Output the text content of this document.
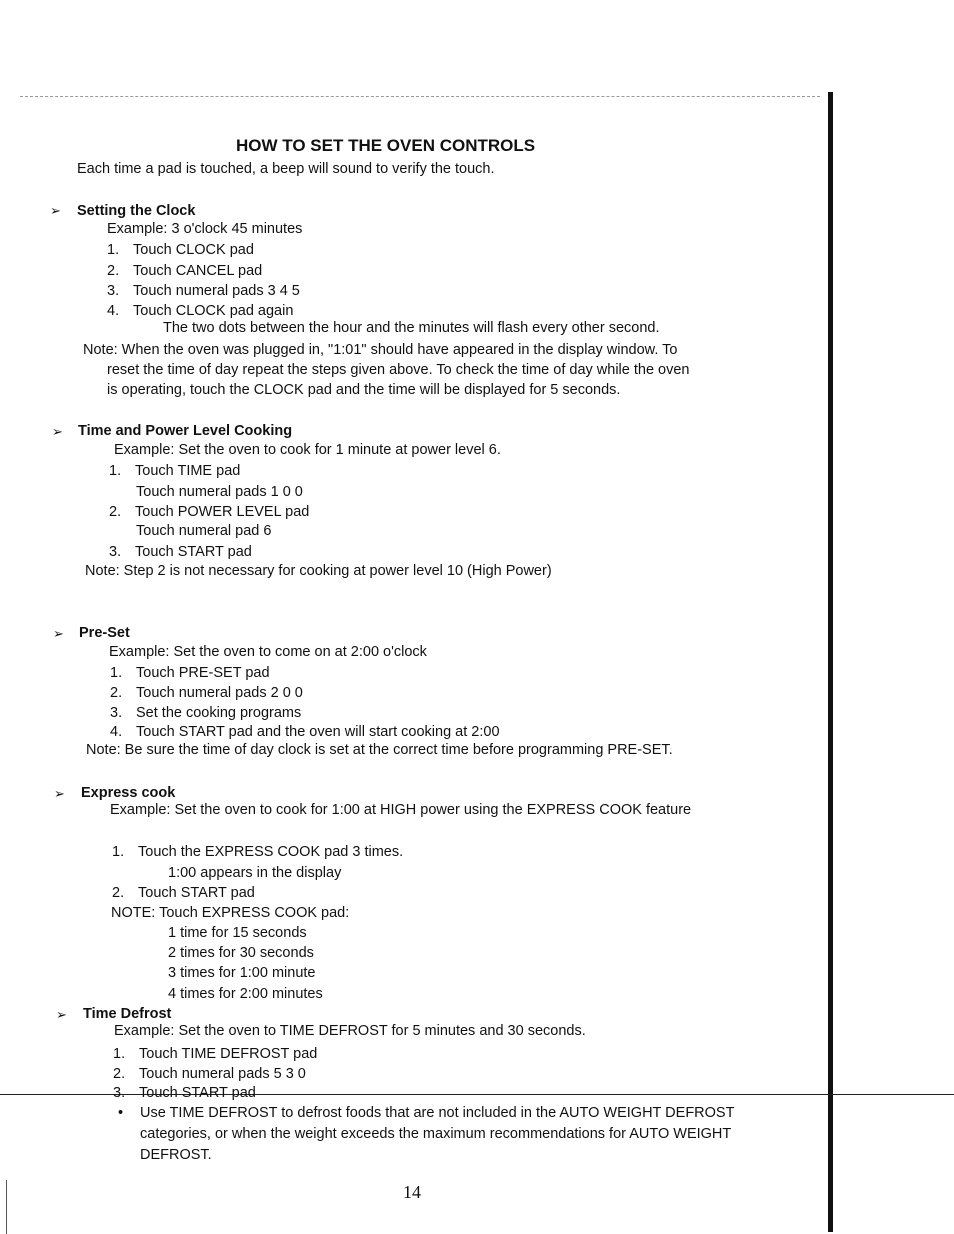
HOW TO SET THE OVEN CONTROLS
Each time a pad is touched, a beep will sound to verify the touch.
➢ Setting the Clock
Example: 3 o'clock 45 minutes
1. Touch CLOCK pad
2. Touch CANCEL pad
3. Touch numeral pads 3 4 5
4. Touch CLOCK pad again
The two dots between the hour and the minutes will flash every other second.
Note: When the oven was plugged in, "1:01" should have appeared in the display window. To
reset the time of day repeat the steps given above. To check the time of day while the oven
is operating, touch the CLOCK pad and the time will be displayed for 5 seconds.
➢ Time and Power Level Cooking
Example: Set the oven to cook for 1 minute at power level 6.
1. Touch TIME pad
Touch numeral pads 1 0 0
2. Touch POWER LEVEL pad
Touch numeral pad 6
3. Touch START pad
Note: Step 2 is not necessary for cooking at power level 10 (High Power)
➢ Pre-Set
Example: Set the oven to come on at 2:00 o'clock
1. Touch PRE-SET pad
2. Touch numeral pads 2 0 0
3. Set the cooking programs
4. Touch START pad and the oven will start cooking at 2:00
Note: Be sure the time of day clock is set at the correct time before programming PRE-SET.
➢ Express cook
Example: Set the oven to cook for 1:00 at HIGH power using the EXPRESS COOK feature
1. Touch the EXPRESS COOK pad 3 times.
1:00 appears in the display
2. Touch START pad
NOTE: Touch EXPRESS COOK pad:
1 time for 15 seconds
2 times for 30 seconds
3 times for 1:00 minute
4 times for 2:00 minutes
➢ Time Defrost
Example: Set the oven to TIME DEFROST for 5 minutes and 30 seconds.
1. Touch TIME DEFROST pad
2. Touch numeral pads 5 3 0
3. Touch START pad
• Use TIME DEFROST to defrost foods that are not included in the AUTO WEIGHT DEFROST
categories, or when the weight exceeds the maximum recommendations for AUTO WEIGHT
DEFROST.
14
